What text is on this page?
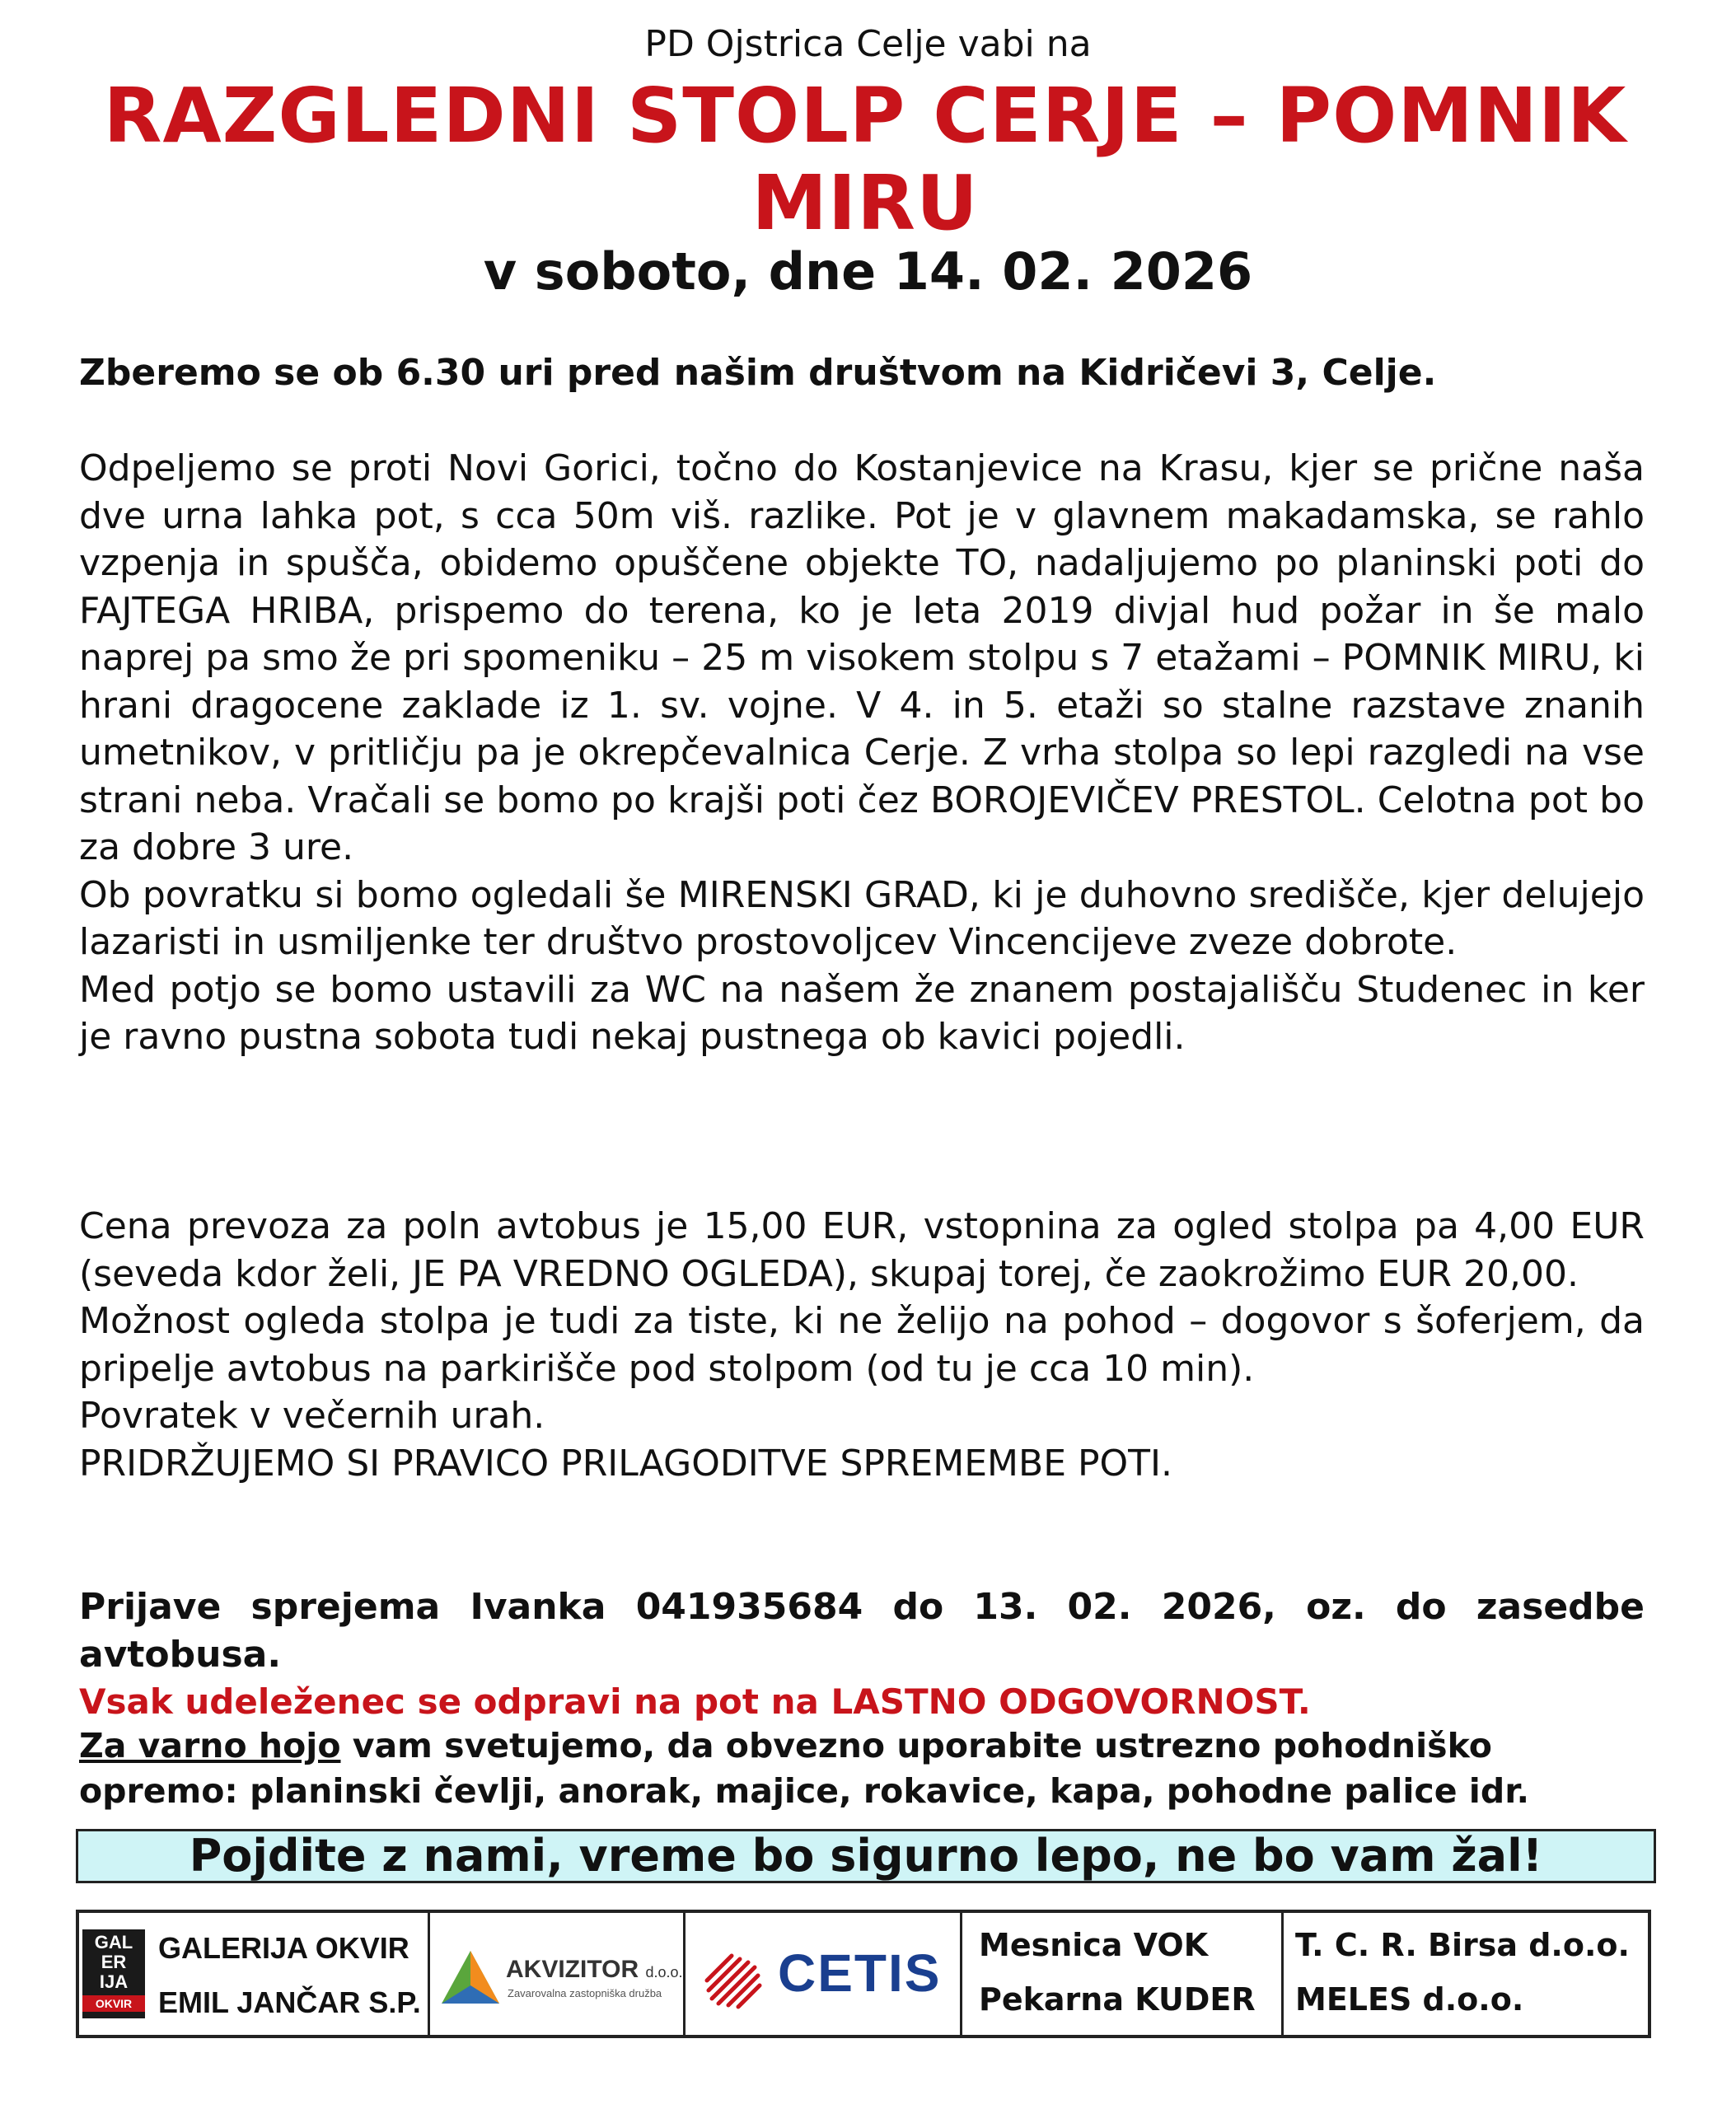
PD Ojstrica Celje vabi na
RAZGLEDNI STOLP CERJE – POMNIK
MIRU
v soboto, dne 14. 02. 2026
Zberemo se ob 6.30 uri pred našim društvom na Kidričevi 3, Celje.
Odpeljemo se proti Novi Gorici, točno do Kostanjevice na Krasu, kjer se prične naša dve urna lahka pot, s cca 50m viš. razlike. Pot je v glavnem makadamska, se rahlo vzpenja in spušča, obidemo opuščene objekte TO, nadaljujemo po planinski poti do FAJTEGA HRIBA, prispemo do terena, ko je leta 2019 divjal hud požar in še malo naprej pa smo že pri spomeniku – 25 m visokem stolpu s 7 etažami – POMNIK MIRU, ki hrani dragocene zaklade iz 1. sv. vojne. V 4. in 5. etaži so stalne razstave znanih umetnikov, v pritličju pa je okrepčevalnica Cerje. Z vrha stolpa so lepi razgledi na vse strani neba. Vračali se bomo po krajši poti čez BOROJEVIČEV PRESTOL. Celotna pot bo za dobre 3 ure.
Ob povratku si bomo ogledali še MIRENSKI GRAD, ki je duhovno središče, kjer delujejo lazaristi in usmiljenke ter društvo prostovoljcev Vincencijeve zveze dobrote.
Med potjo se bomo ustavili za WC na našem že znanem postajališču Studenec in ker je ravno pustna sobota tudi nekaj pustnega ob kavici pojedli.
Cena prevoza za poln avtobus je 15,00 EUR, vstopnina za ogled stolpa pa 4,00 EUR (seveda kdor želi, JE PA VREDNO OGLEDA), skupaj torej, če zaokrožimo EUR 20,00.
Možnost ogleda stolpa je tudi za tiste, ki ne želijo na pohod – dogovor s šoferjem, da pripelje avtobus na parkirišče pod stolpom (od tu je cca 10 min).
Povratek v večernih urah.
PRIDRŽUJEMO SI PRAVICO PRILAGODITVE SPREMEMBE POTI.
Prijave sprejema Ivanka 041935684 do 13. 02. 2026, oz. do zasedbe avtobusa.
Vsak udeleženec se odpravi na pot na LASTNO ODGOVORNOST.
Za varno hojo vam svetujemo, da obvezno uporabite ustrezno pohodniško opremo: planinski čevlji, anorak, majice, rokavice, kapa, pohodne palice idr.
Pojdite z nami, vreme bo sigurno lepo, ne bo vam žal!
GAL
ER
IJA
OKVIR
GALERIJA OKVIR
EMIL JANČAR S.P.
AKVIZITOR d.o.o.
Zavarovalna zastopniška družba CETIS Mesnica VOK
Pekarna KUDER
T. C. R. Birsa d.o.o.
MELES d.o.o.
